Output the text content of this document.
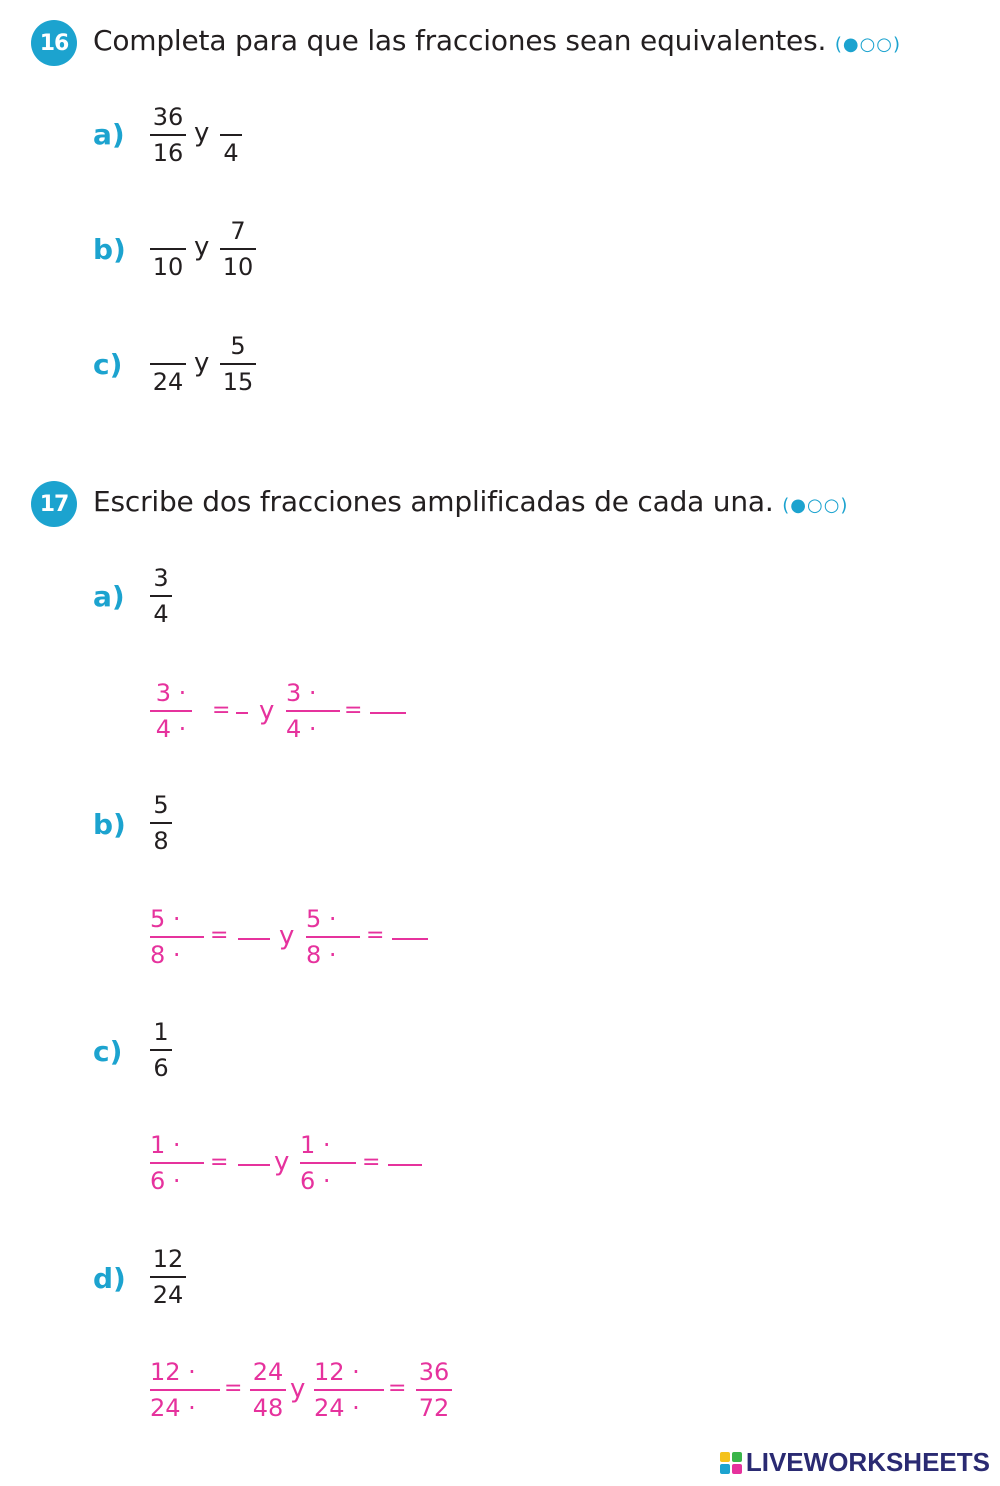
16 Completa para que las fracciones sean equivalentes. (●○○)
a)
36
16
y
4
b)
10
y
7
10
c)
24
y
5
15
17 Escribe dos fracciones amplificadas de cada una. (●○○)
a)
3
4
3 ·
4 ·
= y
3 ·
4 ·
=
b)
5
8
5 ·
8 ·
= y
5 ·
8 ·
=
c)
1
6
1 ·
6 ·
= y
1 ·
6 ·
=
d)
12
24
12 ·
24 ·
=
24
48
y
12 ·
24 ·
=
36
72
LIVEWORKSHEETS
